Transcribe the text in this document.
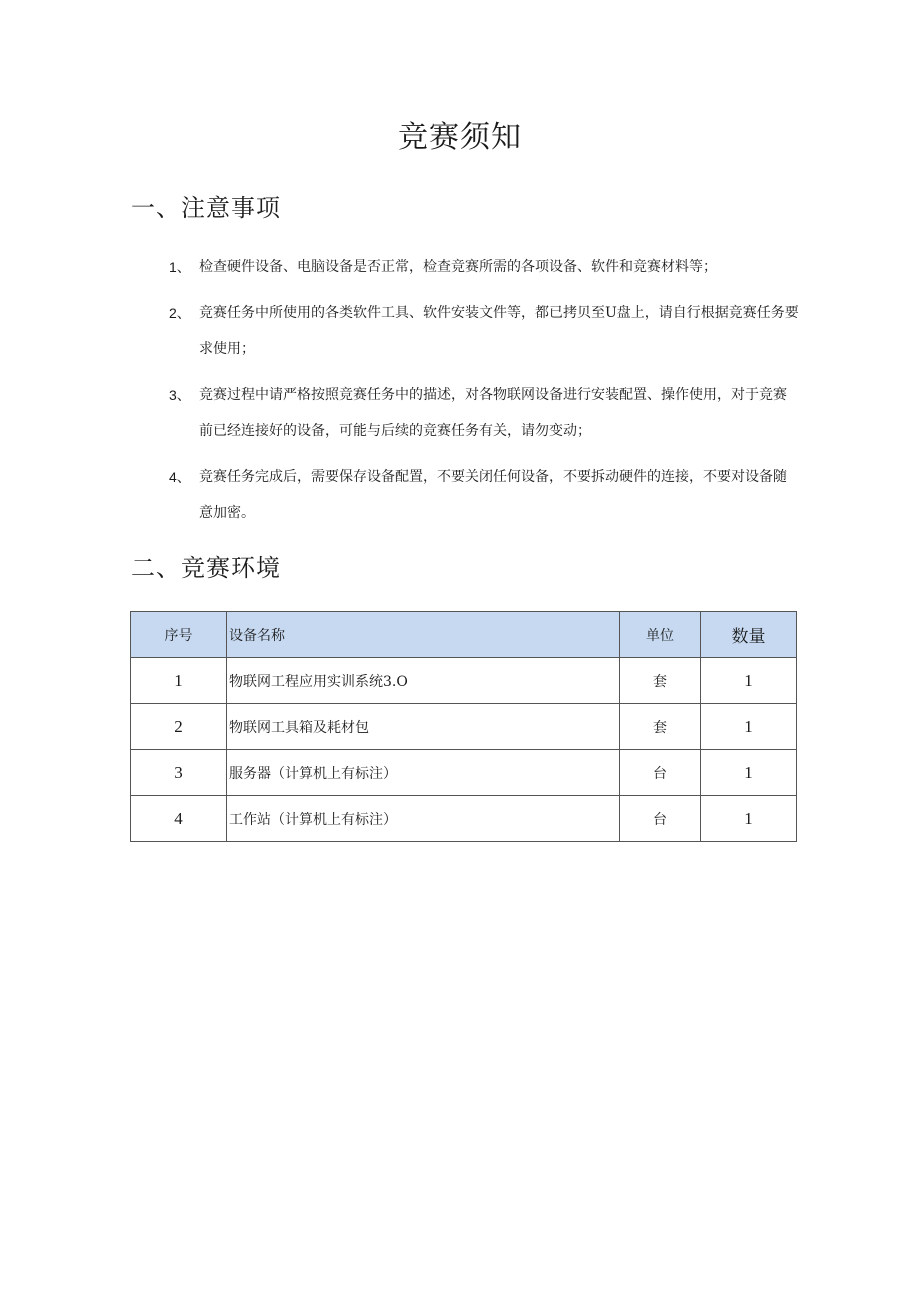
竞赛须知
一、注意事项
1、 检查硬件设备、电脑设备是否正常，检查竞赛所需的各项设备、软件和竞赛材料等；
2、 竞赛任务中所使用的各类软件工具、软件安装文件等，都已拷贝至U盘上，请自行根据竞赛任务要求使用；
3、 竞赛过程中请严格按照竞赛任务中的描述，对各物联网设备进行安装配置、操作使用，对于竞赛前已经连接好的设备，可能与后续的竞赛任务有关，请勿变动；
4、 竞赛任务完成后，需要保存设备配置，不要关闭任何设备，不要拆动硬件的连接，不要对设备随意加密。
二、竞赛环境
序号	设备名称	单位	数量
1	物联网工程应用实训系统3.O	套	1
2	物联网工具箱及耗材包	套	1
3	服务器（计算机上有标注）	台	1
4	工作站（计算机上有标注）	台	1
